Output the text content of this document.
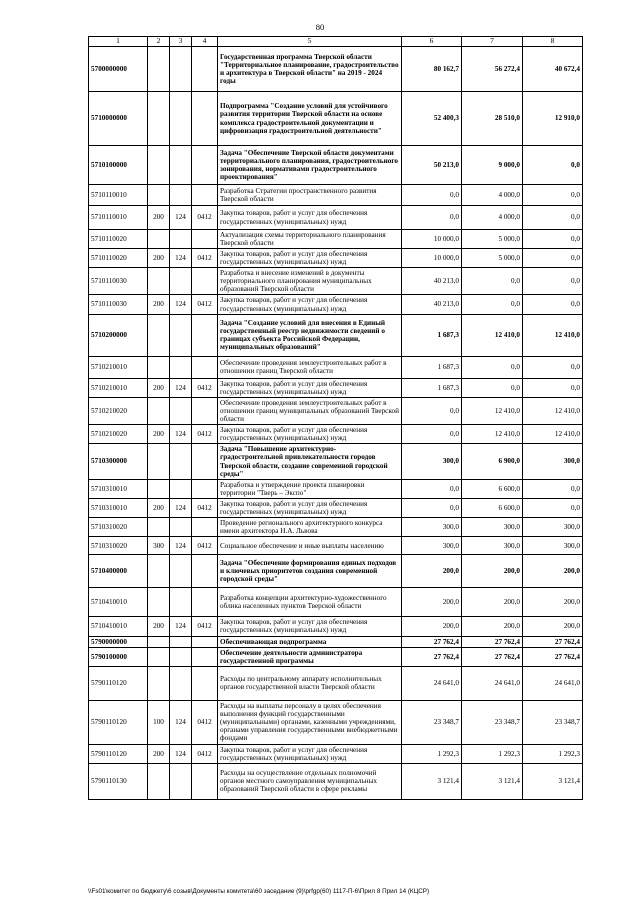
80
1	2	3	4	5	6	7	8
5700000000				Государственная программа Тверской области "Территориальное планирование, градостроительство и архитектура в Тверской области" на 2019 - 2024 годы	80 162,7	56 272,4	40 672,4
5710000000				Подпрограмма "Создание условий для устойчивого развития территории Тверской области на основе комплекса градостроительной документации и цифровизация градостроительной деятельности"	52 400,3	28 510,0	12 910,0
5710100000				Задача "Обеспечение Тверской области документами территориального планирования, градостроительного зонирования, нормативами градостроительного проектирования"	50 213,0	9 000,0	0,0
5710110010				Разработка Стратегии пространственного развития Тверской области	0,0	4 000,0	0,0
5710110010	200	124	0412	Закупка товаров, работ и услуг для обеспечения государственных (муниципальных) нужд	0,0	4 000,0	0,0
5710110020				Актуализация схемы территориального планирования Тверской области	10 000,0	5 000,0	0,0
5710110020	200	124	0412	Закупка товаров, работ и услуг для обеспечения государственных (муниципальных) нужд	10 000,0	5 000,0	0,0
5710110030				Разработка и внесение изменений в документы территориального планирования муниципальных образований Тверской области	40 213,0	0,0	0,0
5710110030	200	124	0412	Закупка товаров, работ и услуг для обеспечения государственных (муниципальных) нужд	40 213,0	0,0	0,0
5710200000				Задача "Создание условий для внесения в Единый государственный реестр недвижимости сведений о границах субъекта Российской Федерации, муниципальных образований"	1 687,3	12 410,0	12 410,0
5710210010				Обеспечение проведения землеустроительных работ в отношении границ Тверской области	1 687,3	0,0	0,0
5710210010	200	124	0412	Закупка товаров, работ и услуг для обеспечения государственных (муниципальных) нужд	1 687,3	0,0	0,0
5710210020				Обеспечение проведения землеустроительных работ в отношении границ муниципальных образований Тверской области	0,0	12 410,0	12 410,0
5710210020	200	124	0412	Закупка товаров, работ и услуг для обеспечения государственных (муниципальных) нужд	0,0	12 410,0	12 410,0
5710300000				Задача "Повышение архитектурно-градостроительной привлекательности городов Тверской области, создание современной городской среды"	300,0	6 900,0	300,0
5710310010				Разработка и утверждение проекта планировки территории "Тверь – Экспо"	0,0	6 600,0	0,0
5710310010	200	124	0412	Закупка товаров, работ и услуг для обеспечения государственных (муниципальных) нужд	0,0	6 600,0	0,0
5710310020				Проведение регионального архитектурного конкурса имени архитектора Н.А. Львова	300,0	300,0	300,0
5710310020	300	124	0412	Социальное обеспечение и иные выплаты населению	300,0	300,0	300,0
5710400000				Задача "Обеспечение формирования единых подходов и ключевых приоритетов создания современной городской среды"	200,0	200,0	200,0
5710410010				Разработка концепции архитектурно-художественного облика населенных пунктов Тверской области	200,0	200,0	200,0
5710410010	200	124	0412	Закупка товаров, работ и услуг для обеспечения государственных (муниципальных) нужд	200,0	200,0	200,0
5790000000				Обеспечивающая подпрограмма	27 762,4	27 762,4	27 762,4
5790100000				Обеспечение деятельности администратора государственной программы	27 762,4	27 762,4	27 762,4
5790110120				Расходы по центральному аппарату исполнительных органов государственной власти Тверской области	24 641,0	24 641,0	24 641,0
5790110120	100	124	0412	Расходы на выплаты персоналу в целях обеспечения выполнения функций государственными (муниципальными) органами, казенными учреждениями, органами управления государственными внебюджетными фондами	23 348,7	23 348,7	23 348,7
5790110120	200	124	0412	Закупка товаров, работ и услуг для обеспечения государственных (муниципальных) нужд	1 292,3	1 292,3	1 292,3
5790110130				Расходы на осуществление отдельных полномочий органов местного самоуправления муниципальных образований Тверской области в сфере рекламы	3 121,4	3 121,4	3 121,4
\\Fs01\комитет по бюджету\6 созыв\Документы комитета\60 заседание (9)\prfgp(60) 1117-П-6\Прил 8 Прил 14 (КЦСР)
